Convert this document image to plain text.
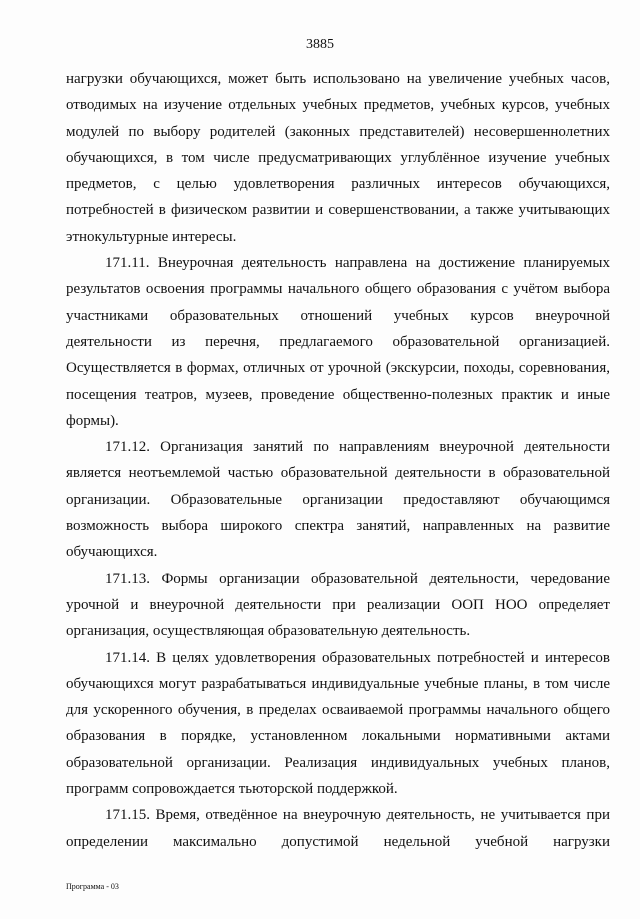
3885

нагрузки обучающихся, может быть использовано на увеличение учебных часов, отводимых на изучение отдельных учебных предметов, учебных курсов, учебных модулей по выбору родителей (законных представителей) несовершеннолетних обучающихся, в том числе предусматривающих углублённое изучение учебных предметов, с целью удовлетворения различных интересов обучающихся, потребностей в физическом развитии и совершенствовании, а также учитывающих этнокультурные интересы.

171.11. Внеурочная деятельность направлена на достижение планируемых результатов освоения программы начального общего образования с учётом выбора участниками образовательных отношений учебных курсов внеурочной деятельности из перечня, предлагаемого образовательной организацией. Осуществляется в формах, отличных от урочной (экскурсии, походы, соревнования, посещения театров, музеев, проведение общественно-полезных практик и иные формы).

171.12. Организация занятий по направлениям внеурочной деятельности является неотъемлемой частью образовательной деятельности в образовательной организации. Образовательные организации предоставляют обучающимся возможность выбора широкого спектра занятий, направленных на развитие обучающихся.

171.13. Формы организации образовательной деятельности, чередование урочной и внеурочной деятельности при реализации ООП НОО определяет организация, осуществляющая образовательную деятельность.

171.14. В целях удовлетворения образовательных потребностей и интересов обучающихся могут разрабатываться индивидуальные учебные планы, в том числе для ускоренного обучения, в пределах осваиваемой программы начального общего образования в порядке, установленном локальными нормативными актами образовательной организации. Реализация индивидуальных учебных планов, программ сопровождается тьюторской поддержкой.

171.15. Время, отведённое на внеурочную деятельность, не учитывается при определении максимально допустимой недельной учебной нагрузки

Программа - 03
